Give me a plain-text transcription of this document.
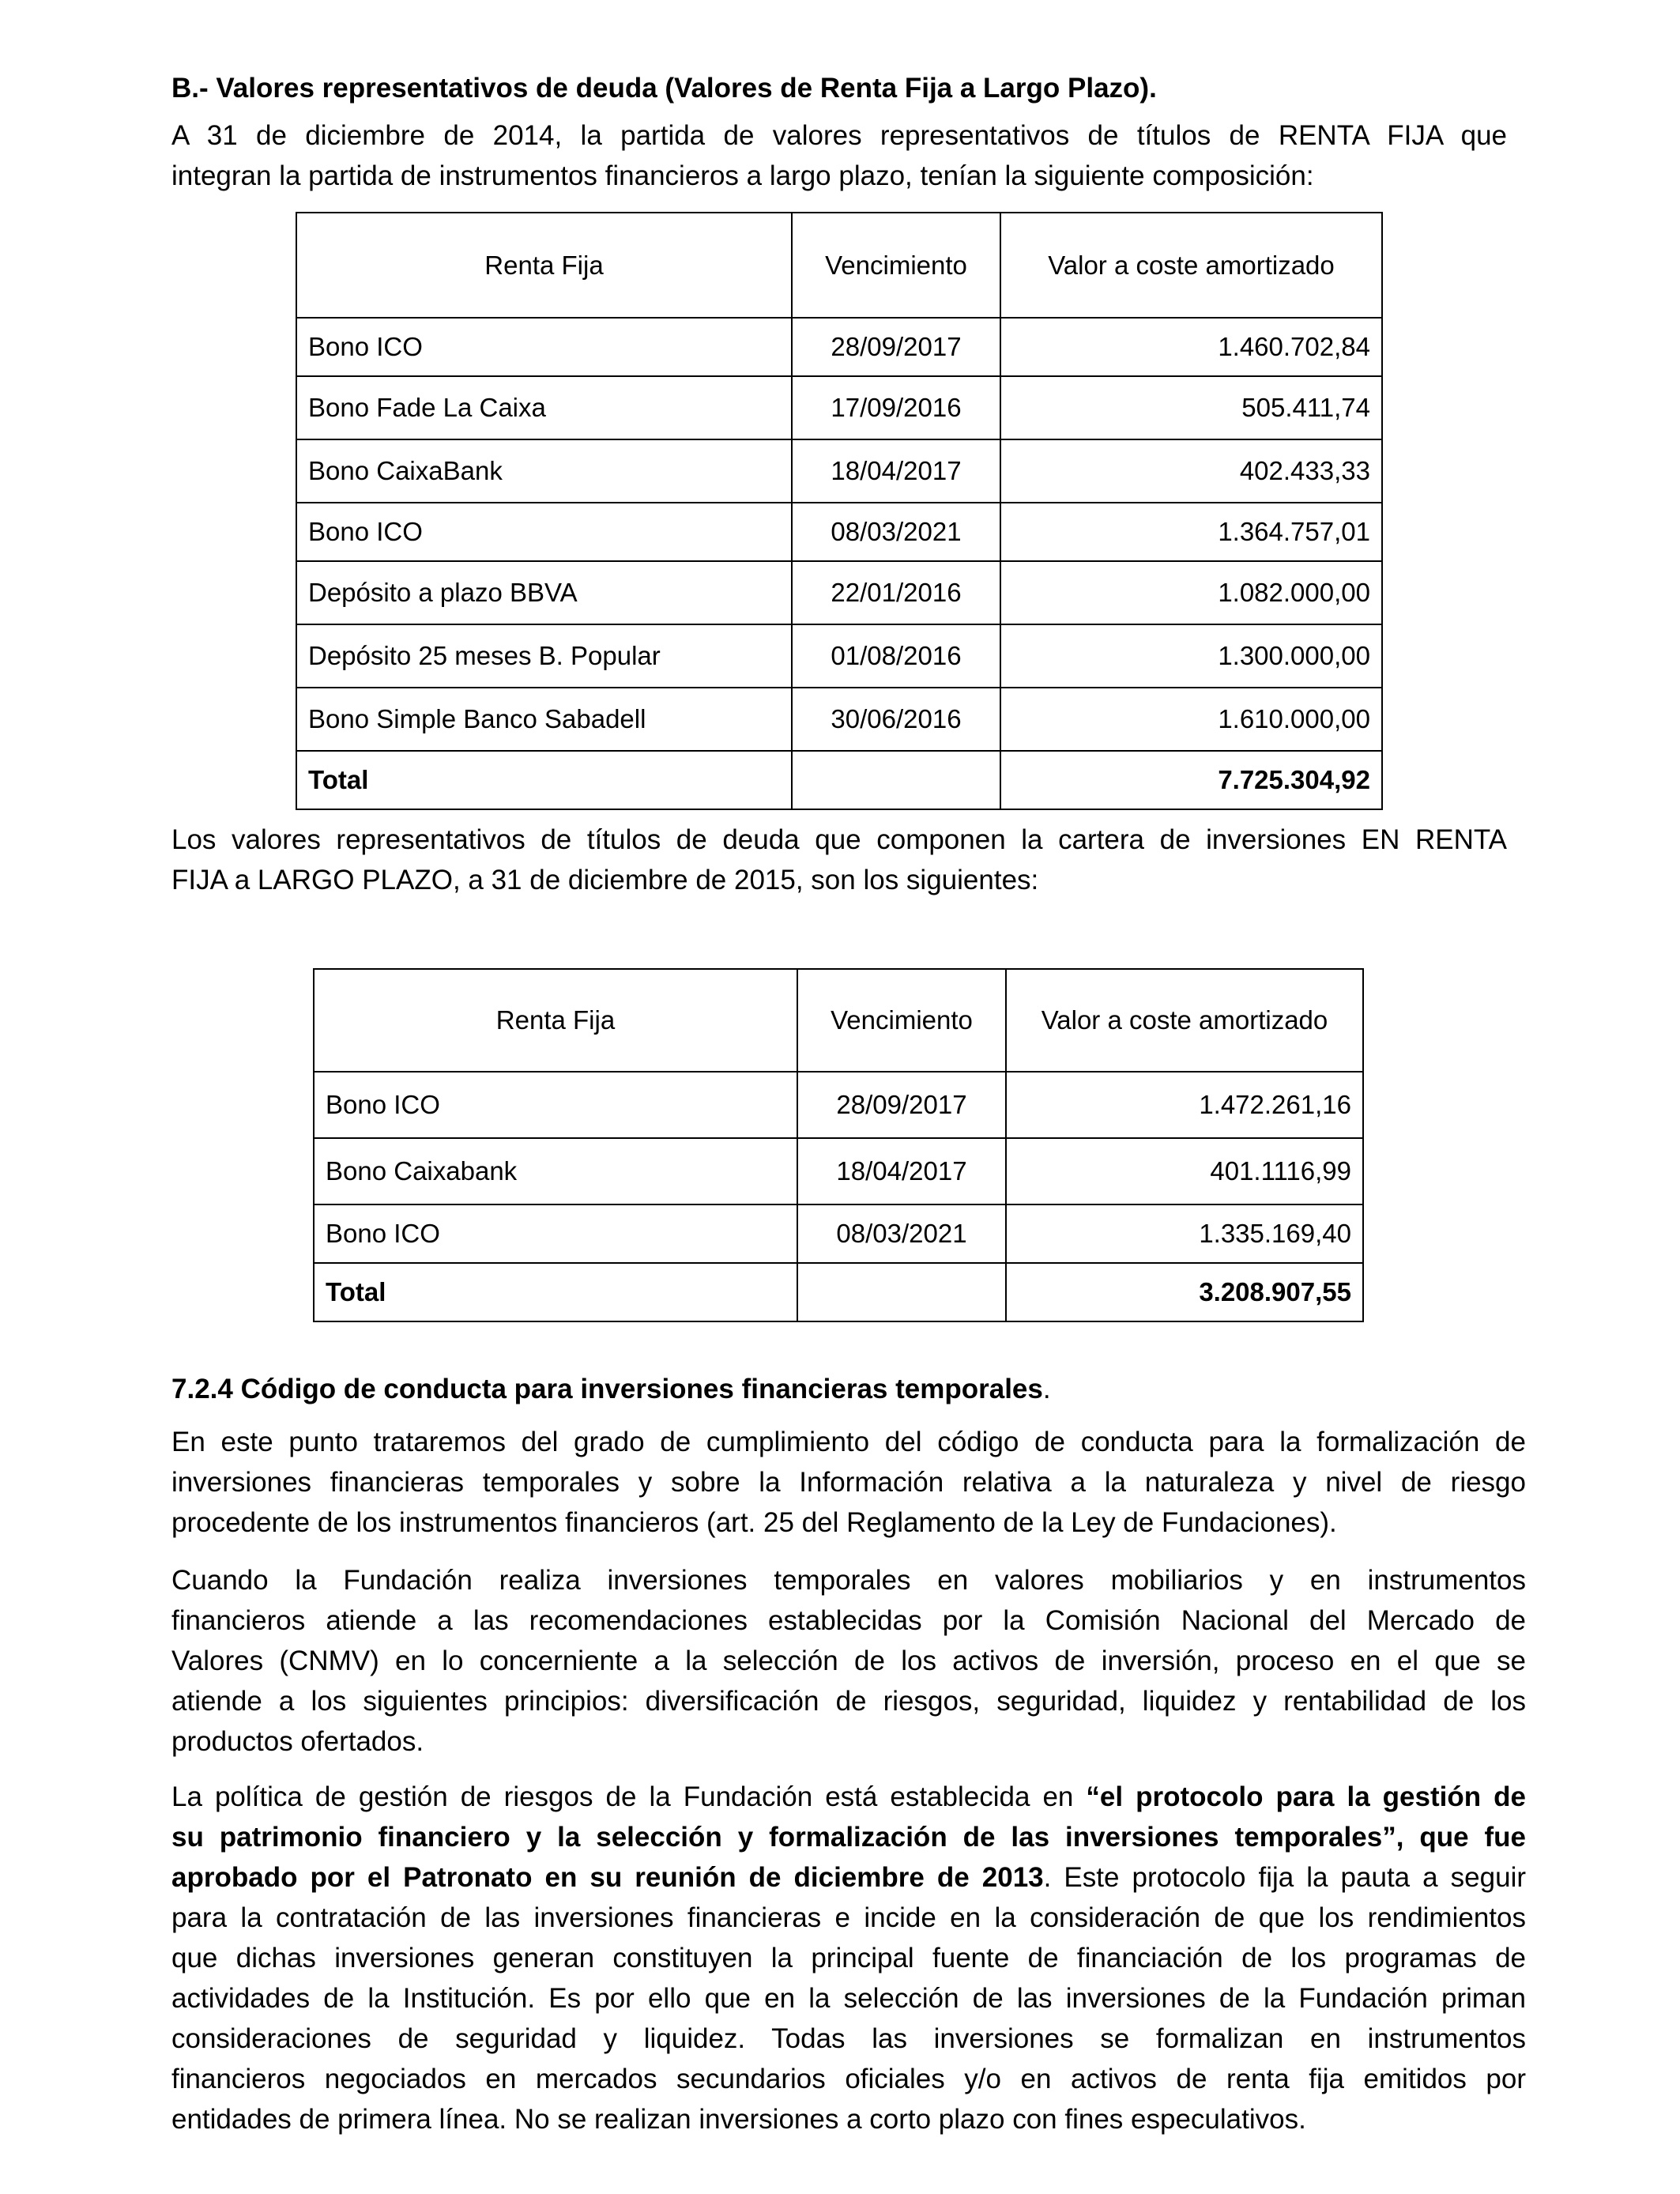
B.- Valores representativos de deuda (Valores de Renta Fija a Largo Plazo).

A 31 de diciembre de 2014, la partida de valores representativos de títulos de RENTA FIJA que
integran la partida de instrumentos financieros a largo plazo, tenían la siguiente composición:

Renta Fija	Vencimiento	Valor a coste amortizado
Bono ICO	28/09/2017	1.460.702,84
Bono Fade La Caixa	17/09/2016	505.411,74
Bono CaixaBank	18/04/2017	402.433,33
Bono ICO	08/03/2021	1.364.757,01
Depósito a plazo BBVA	22/01/2016	1.082.000,00
Depósito 25 meses B. Popular	01/08/2016	1.300.000,00
Bono Simple Banco Sabadell	30/06/2016	1.610.000,00
Total		7.725.304,92

Los valores representativos de títulos de deuda que componen la cartera de inversiones EN RENTA
FIJA a LARGO PLAZO, a 31 de diciembre de 2015, son los siguientes:

Renta Fija	Vencimiento	Valor a coste amortizado
Bono ICO	28/09/2017	1.472.261,16
Bono Caixabank	18/04/2017	401.1116,99
Bono ICO	08/03/2021	1.335.169,40
Total		3.208.907,55

7.2.4 Código de conducta para inversiones financieras temporales.

En este punto trataremos del grado de cumplimiento del código de conducta para la formalización de
inversiones financieras temporales y sobre la Información relativa a la naturaleza y nivel de riesgo
procedente de los instrumentos financieros (art. 25 del Reglamento de la Ley de Fundaciones).

Cuando la Fundación realiza inversiones temporales en valores mobiliarios y en instrumentos
financieros atiende a las recomendaciones establecidas por la Comisión Nacional del Mercado de
Valores (CNMV) en lo concerniente a la selección de los activos de inversión, proceso en el que se
atiende a los siguientes principios: diversificación de riesgos, seguridad, liquidez y rentabilidad de los
productos ofertados.

La política de gestión de riesgos de la Fundación está establecida en “el protocolo para la gestión de
su patrimonio financiero y la selección y formalización de las inversiones temporales”, que fue
aprobado por el Patronato en su reunión de diciembre de 2013. Este protocolo fija la pauta a seguir
para la contratación de las inversiones financieras e incide en la consideración de que los rendimientos
que dichas inversiones generan constituyen la principal fuente de financiación de los programas de
actividades de la Institución. Es por ello que en la selección de las inversiones de la Fundación priman
consideraciones de seguridad y liquidez. Todas las inversiones se formalizan en instrumentos
financieros negociados en mercados secundarios oficiales y/o en activos de renta fija emitidos por
entidades de primera línea. No se realizan inversiones a corto plazo con fines especulativos.
